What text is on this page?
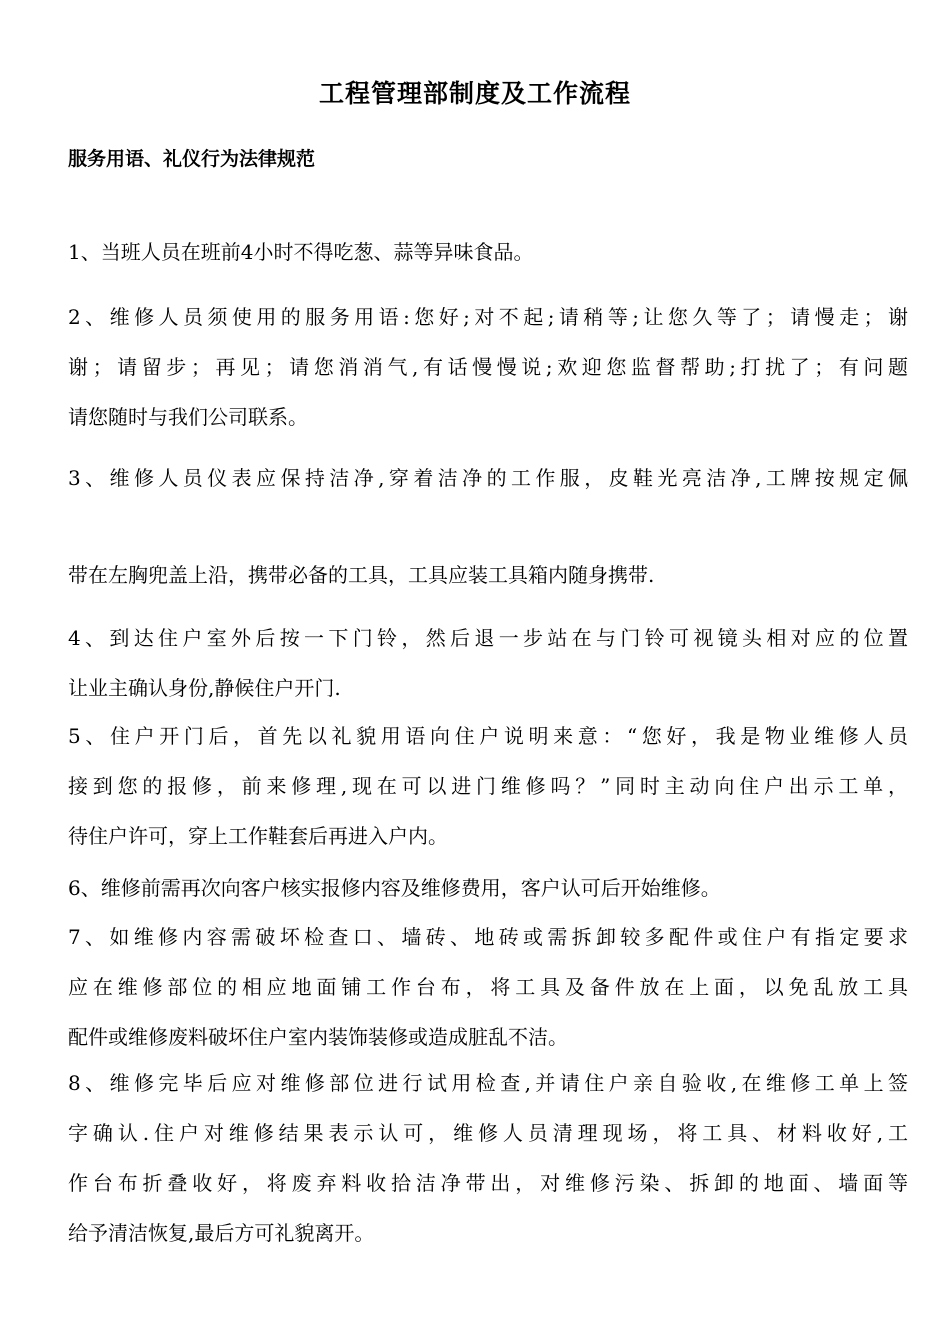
工程管理部制度及工作流程
服务用语、礼仪行为法律规范
1、当班人员在班前4小时不得吃葱、蒜等异味食品。
2、维修人员须使用的服务用语:您好;对不起;请稍等;让您久等了；请慢走；谢
谢；请留步；再见；请您消消气,有话慢慢说;欢迎您监督帮助;打扰了；有问题
请您随时与我们公司联系。
3、维修人员仪表应保持洁净,穿着洁净的工作服，皮鞋光亮洁净,工牌按规定佩
带在左胸兜盖上沿，携带必备的工具，工具应装工具箱内随身携带.
4、到达住户室外后按一下门铃，然后退一步站在与门铃可视镜头相对应的位置
让业主确认身份,静候住户开门.
5、住户开门后，首先以礼貌用语向住户说明来意：“您好，我是物业维修人员
接到您的报修，前来修理,现在可以进门维修吗？”同时主动向住户出示工单，
待住户许可，穿上工作鞋套后再进入户内。
6、维修前需再次向客户核实报修内容及维修费用，客户认可后开始维修。
7、如维修内容需破坏检查口、墙砖、地砖或需拆卸较多配件或住户有指定要求
应在维修部位的相应地面铺工作台布，将工具及备件放在上面，以免乱放工具
配件或维修废料破坏住户室内装饰装修或造成脏乱不洁。
8、维修完毕后应对维修部位进行试用检查,并请住户亲自验收,在维修工单上签
字确认.住户对维修结果表示认可，维修人员清理现场，将工具、材料收好,工
作台布折叠收好，将废弃料收拾洁净带出，对维修污染、拆卸的地面、墙面等
给予清洁恢复,最后方可礼貌离开。
